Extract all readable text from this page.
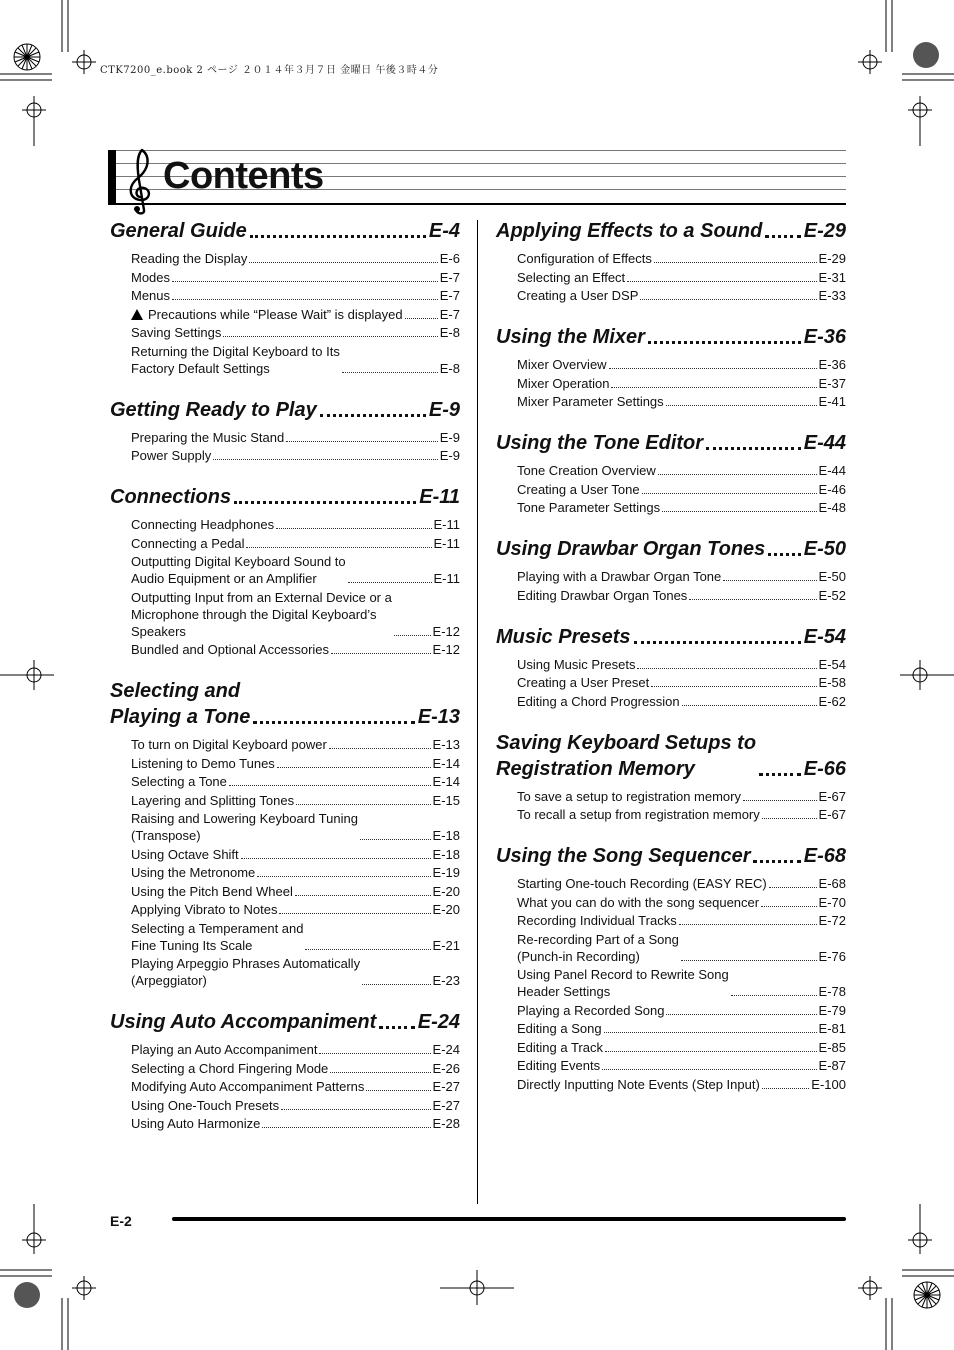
CTK7200_e.book 2 ページ ２０１４年３月７日 金曜日 午後３時４分
Contents
General Guide	E-4
Reading the Display	E-6
Modes	E-7
Menus	E-7
Precautions while “Please Wait” is displayed	E-7
Saving Settings	E-8
Returning the Digital Keyboard to Its
Factory Default Settings	E-8
Getting Ready to Play	E-9
Preparing the Music Stand	E-9
Power Supply	E-9
Connections	E-11
Connecting Headphones	E-11
Connecting a Pedal	E-11
Outputting Digital Keyboard Sound to
Audio Equipment or an Amplifier	E-11
Outputting Input from an External Device or a
Microphone through the Digital Keyboard’s
Speakers	E-12
Bundled and Optional Accessories	E-12
Selecting and
Playing a Tone	E-13
To turn on Digital Keyboard power	E-13
Listening to Demo Tunes	E-14
Selecting a Tone	E-14
Layering and Splitting Tones	E-15
Raising and Lowering Keyboard Tuning
(Transpose)	E-18
Using Octave Shift	E-18
Using the Metronome	E-19
Using the Pitch Bend Wheel	E-20
Applying Vibrato to Notes	E-20
Selecting a Temperament and
Fine Tuning Its Scale	E-21
Playing Arpeggio Phrases Automatically
(Arpeggiator)	E-23
Using Auto Accompaniment E-24
Playing an Auto Accompaniment	E-24
Selecting a Chord Fingering Mode	E-26
Modifying Auto Accompaniment Patterns	E-27
Using One-Touch Presets	E-27
Using Auto Harmonize	E-28
Applying Effects to a Sound E-29
Configuration of Effects	E-29
Selecting an Effect	E-31
Creating a User DSP	E-33
Using the Mixer	E-36
Mixer Overview	E-36
Mixer Operation	E-37
Mixer Parameter Settings	E-41
Using the Tone Editor	E-44
Tone Creation Overview	E-44
Creating a User Tone	E-46
Tone Parameter Settings	E-48
Using Drawbar Organ Tones E-50
Playing with a Drawbar Organ Tone	E-50
Editing Drawbar Organ Tones	E-52
Music Presets	E-54
Using Music Presets	E-54
Creating a User Preset	E-58
Editing a Chord Progression	E-62
Saving Keyboard Setups to
Registration Memory	E-66
To save a setup to registration memory	E-67
To recall a setup from registration memory	E-67
Using the Song Sequencer	E-68
Starting One-touch Recording (EASY REC)	E-68
What you can do with the song sequencer	E-70
Recording Individual Tracks	E-72
Re-recording Part of a Song
(Punch-in Recording)	E-76
Using Panel Record to Rewrite Song
Header Settings	E-78
Playing a Recorded Song	E-79
Editing a Song	E-81
Editing a Track	E-85
Editing Events	E-87
Directly Inputting Note Events (Step Input)	E-100
E-2
